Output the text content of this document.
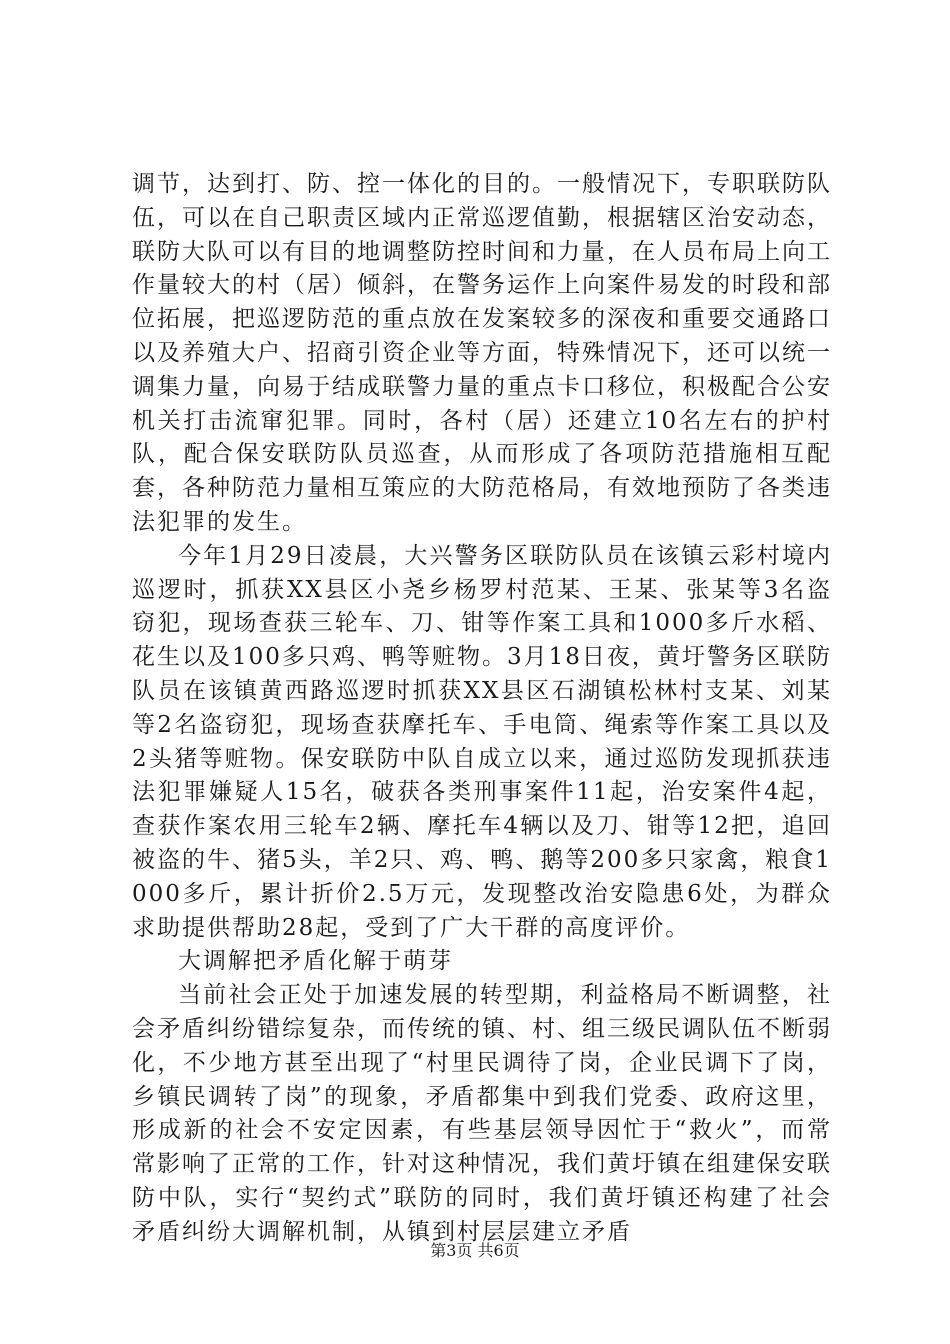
调节，达到打、防、控一体化的目的。一般情况下，专职联防队伍，可以在自己职责区域内正常巡逻值勤，根据辖区治安动态，联防大队可以有目的地调整防控时间和力量，在人员布局上向工作量较大的村（居）倾斜，在警务运作上向案件易发的时段和部位拓展，把巡逻防范的重点放在发案较多的深夜和重要交通路口以及养殖大户、招商引资企业等方面，特殊情况下，还可以统一调集力量，向易于结成联警力量的重点卡口移位，积极配合公安机关打击流窜犯罪。同时，各村（居）还建立10名左右的护村队，配合保安联防队员巡查，从而形成了各项防范措施相互配套，各种防范力量相互策应的大防范格局，有效地预防了各类违法犯罪的发生。

今年1月29日凌晨，大兴警务区联防队员在该镇云彩村境内巡逻时，抓获XX县区小尧乡杨罗村范某、王某、张某等3名盗窃犯，现场查获三轮车、刀、钳等作案工具和1000多斤水稻、花生以及100多只鸡、鸭等赃物。3月18日夜，黄圩警务区联防队员在该镇黄西路巡逻时抓获XX县区石湖镇松林村支某、刘某等2名盗窃犯，现场查获摩托车、手电筒、绳索等作案工具以及2头猪等赃物。保安联防中队自成立以来，通过巡防发现抓获违法犯罪嫌疑人15名，破获各类刑事案件11起，治安案件4起，查获作案农用三轮车2辆、摩托车4辆以及刀、钳等12把，追回被盗的牛、猪5头，羊2只、鸡、鸭、鹅等200多只家禽，粮食1000多斤，累计折价2.5万元，发现整改治安隐患6处，为群众求助提供帮助28起，受到了广大干群的高度评价。

大调解把矛盾化解于萌芽

当前社会正处于加速发展的转型期，利益格局不断调整，社会矛盾纠纷错综复杂，而传统的镇、村、组三级民调队伍不断弱化，不少地方甚至出现了“村里民调待了岗，企业民调下了岗，乡镇民调转了岗”的现象，矛盾都集中到我们党委、政府这里，形成新的社会不安定因素，有些基层领导因忙于“救火”，而常常影响了正常的工作，针对这种情况，我们黄圩镇在组建保安联防中队，实行“契约式”联防的同时，我们黄圩镇还构建了社会矛盾纠纷大调解机制，从镇到村层层建立矛盾

第3页 共6页
